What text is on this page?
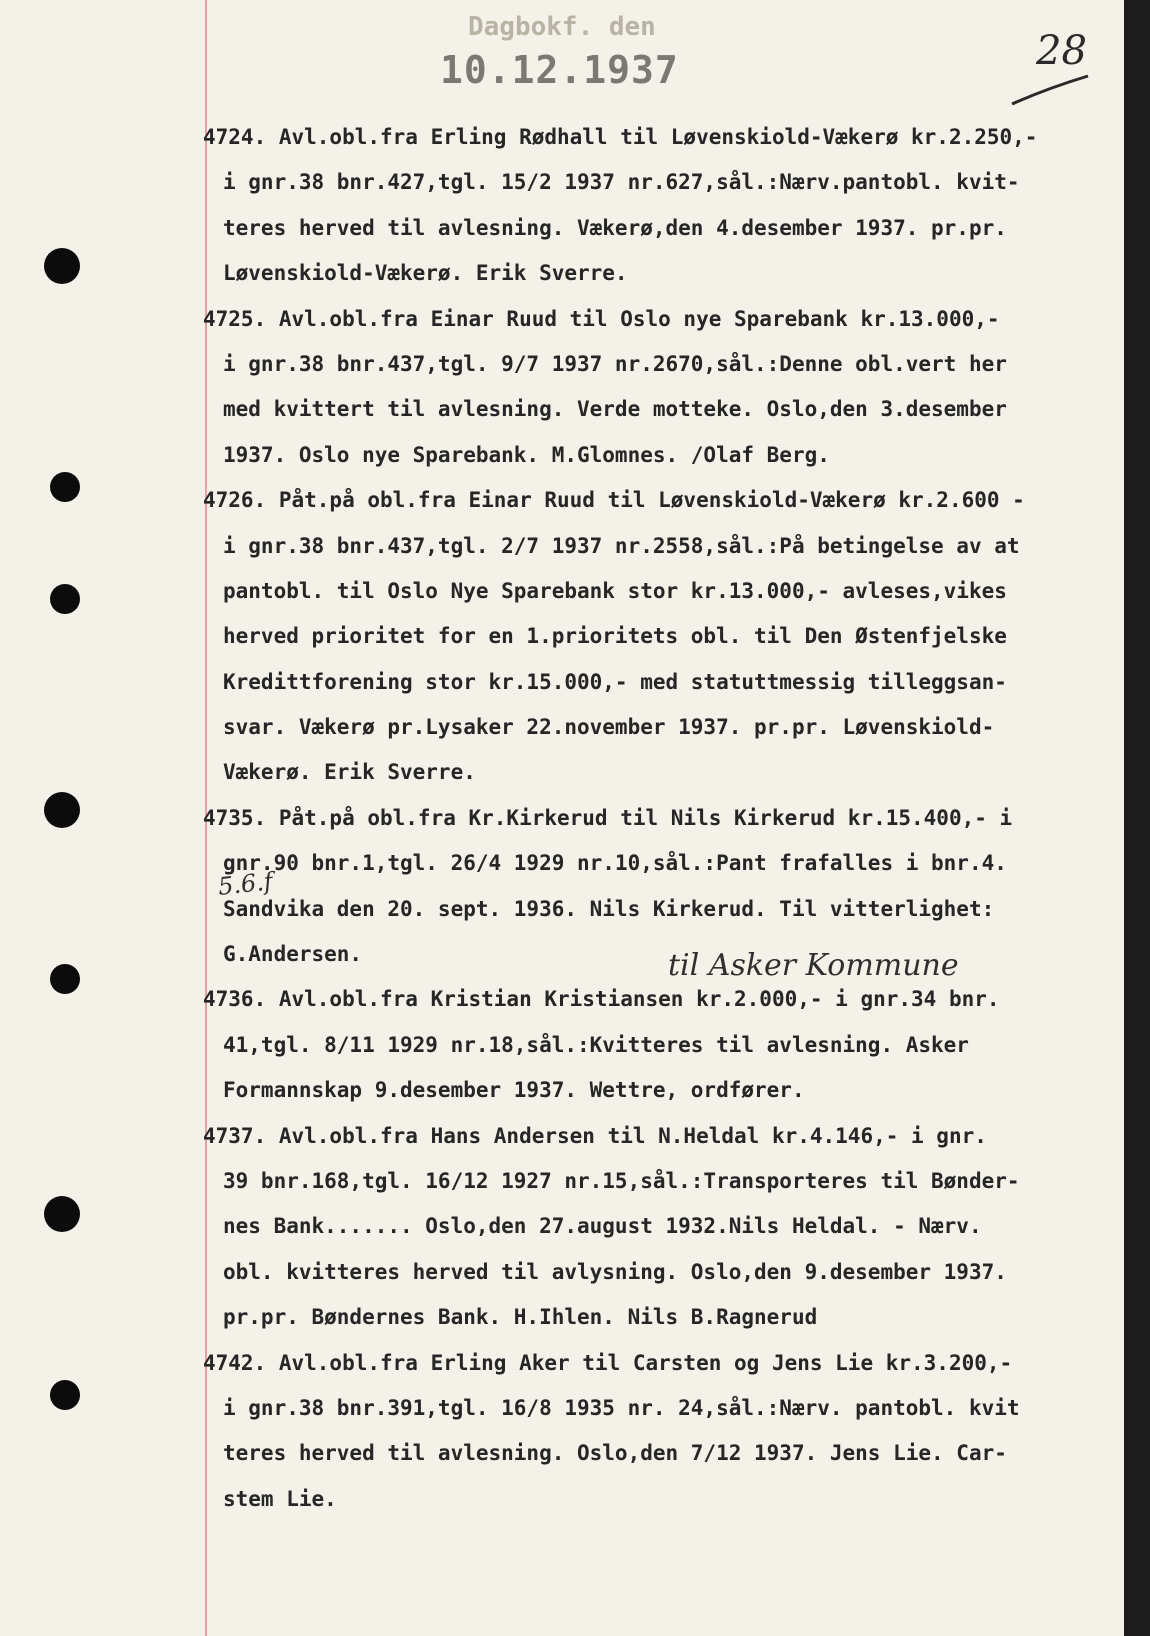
Dagbokf. den
10.12.1937	28
4724. Avl.obl.fra Erling Rødhall til Løvenskiold-Vækerø kr.2.250,-
i gnr.38 bnr.427,tgl. 15/2 1937 nr.627,sål.:Nærv.pantobl. kvit-
teres herved til avlesning. Vækerø,den 4.desember 1937. pr.pr.
Løvenskiold-Vækerø. Erik Sverre.
4725. Avl.obl.fra Einar Ruud til Oslo nye Sparebank kr.13.000,-
i gnr.38 bnr.437,tgl. 9/7 1937 nr.2670,sål.:Denne obl.vert her
med kvittert til avlesning. Verde motteke. Oslo,den 3.desember
1937. Oslo nye Sparebank. M.Glomnes. /Olaf Berg.
4726. Påt.på obl.fra Einar Ruud til Løvenskiold-Vækerø kr.2.600 -
i gnr.38 bnr.437,tgl. 2/7 1937 nr.2558,sål.:På betingelse av at
pantobl. til Oslo Nye Sparebank stor kr.13.000,- avleses,vikes
herved prioritet for en 1.prioritets obl. til Den Østenfjelske
Kredittforening stor kr.15.000,- med statuttmessig tilleggsan-
svar. Vækerø pr.Lysaker 22.november 1937. pr.pr. Løvenskiold-
Vækerø. Erik Sverre.
4735. Påt.på obl.fra Kr.Kirkerud til Nils Kirkerud kr.15.400,- i
gnr.90 bnr.1,tgl. 26/4 1929 nr.10,sål.:Pant frafalles i bnr.4.
Sandvika den 20. sept. 1936. Nils Kirkerud. Til vitterlighet:
G.Andersen.
4736. Avl.obl.fra Kristian Kristiansen kr.2.000,- i gnr.34 bnr.
41,tgl. 8/11 1929 nr.18,sål.:Kvitteres til avlesning. Asker
Formannskap 9.desember 1937. Wettre, ordfører.
4737. Avl.obl.fra Hans Andersen til N.Heldal kr.4.146,- i gnr.
39 bnr.168,tgl. 16/12 1927 nr.15,sål.:Transporteres til Bønder-
nes Bank....... Oslo,den 27.august 1932.Nils Heldal. - Nærv.
obl. kvitteres herved til avlysning. Oslo,den 9.desember 1937.
pr.pr. Bøndernes Bank. H.Ihlen. Nils B.Ragnerud
4742. Avl.obl.fra Erling Aker til Carsten og Jens Lie kr.3.200,-
i gnr.38 bnr.391,tgl. 16/8 1935 nr. 24,sål.:Nærv. pantobl. kvit
teres herved til avlesning. Oslo,den 7/12 1937. Jens Lie. Car-
stem Lie.
til Asker Kommune
5.6.f
